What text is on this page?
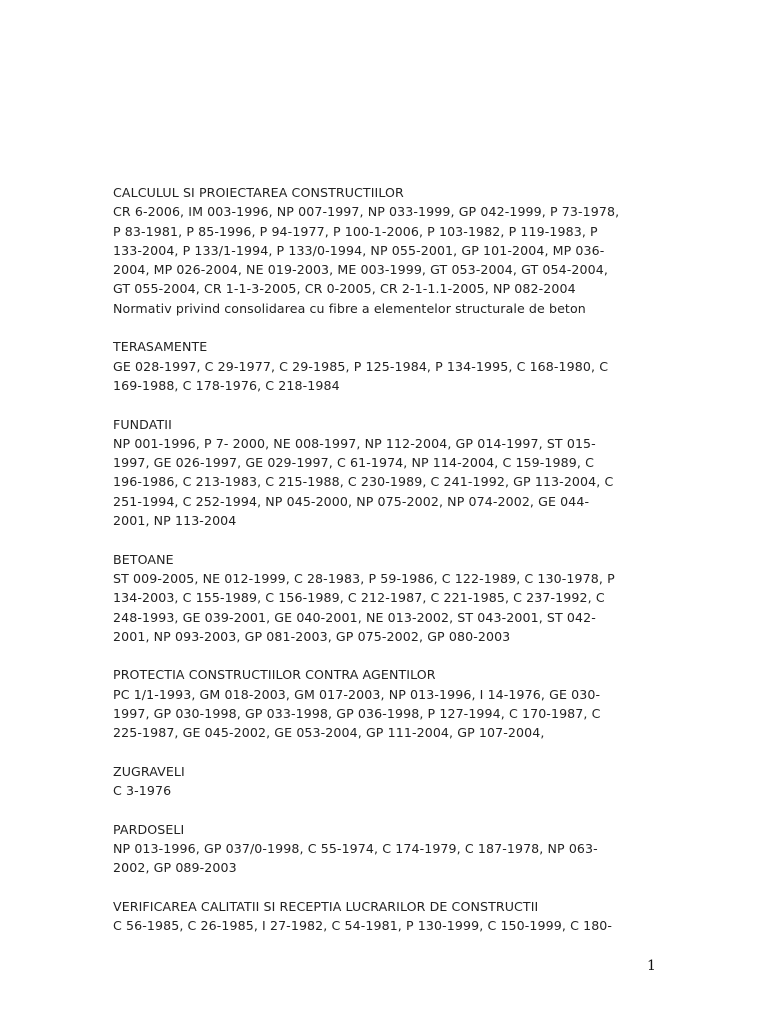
CALCULUL SI PROIECTAREA CONSTRUCTIILOR
CR 6-2006, IM 003-1996, NP 007-1997, NP 033-1999, GP 042-1999, P 73-1978,
P 83-1981, P 85-1996, P 94-1977, P 100-1-2006, P 103-1982, P 119-1983, P
133-2004, P 133/1-1994, P 133/0-1994, NP 055-2001, GP 101-2004, MP 036-
2004, MP 026-2004, NE 019-2003, ME 003-1999, GT 053-2004, GT 054-2004,
GT 055-2004, CR 1-1-3-2005, CR 0-2005, CR 2-1-1.1-2005, NP 082-2004
Normativ privind consolidarea cu fibre a elementelor structurale de beton
TERASAMENTE
GE 028-1997, C 29-1977, C 29-1985, P 125-1984, P 134-1995, C 168-1980, C
169-1988, C 178-1976, C 218-1984
FUNDATII
NP 001-1996, P 7- 2000, NE 008-1997, NP 112-2004, GP 014-1997, ST 015-
1997, GE 026-1997, GE 029-1997, C 61-1974, NP 114-2004, C 159-1989, C
196-1986, C 213-1983, C 215-1988, C 230-1989, C 241-1992, GP 113-2004, C
251-1994, C 252-1994, NP 045-2000, NP 075-2002, NP 074-2002, GE 044-
2001, NP 113-2004
BETOANE
ST 009-2005, NE 012-1999, C 28-1983, P 59-1986, C 122-1989, C 130-1978, P
134-2003, C 155-1989, C 156-1989, C 212-1987, C 221-1985, C 237-1992, C
248-1993, GE 039-2001, GE 040-2001, NE 013-2002, ST 043-2001, ST 042-
2001, NP 093-2003, GP 081-2003, GP 075-2002, GP 080-2003
PROTECTIA CONSTRUCTIILOR CONTRA AGENTILOR
PC 1/1-1993, GM 018-2003, GM 017-2003, NP 013-1996, I 14-1976, GE 030-
1997, GP 030-1998, GP 033-1998, GP 036-1998, P 127-1994, C 170-1987, C
225-1987, GE 045-2002, GE 053-2004, GP 111-2004, GP 107-2004,
ZUGRAVELI
C 3-1976
PARDOSELI
NP 013-1996, GP 037/0-1998, C 55-1974, C 174-1979, C 187-1978, NP 063-
2002, GP 089-2003
VERIFICAREA CALITATII SI RECEPTIA LUCRARILOR DE CONSTRUCTII
C 56-1985, C 26-1985, I 27-1982, C 54-1981, P 130-1999, C 150-1999, C 180-
1
